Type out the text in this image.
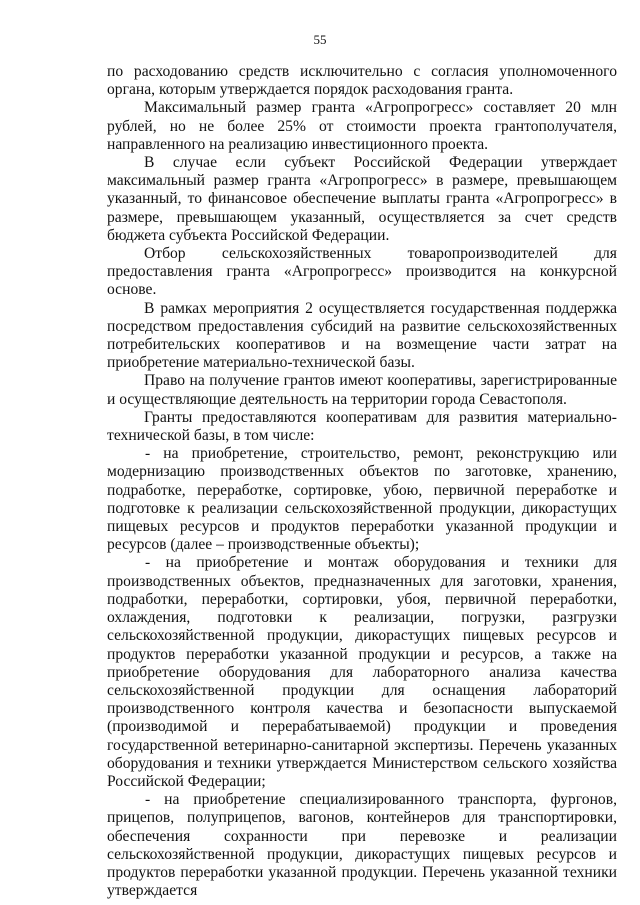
55

по расходованию средств исключительно с согласия уполномоченного органа, которым утверждается порядок расходования гранта.

Максимальный размер гранта «Агропрогресс» составляет 20 млн рублей, но не более 25% от стоимости проекта грантополучателя, направленного на реализацию инвестиционного проекта.

В случае если субъект Российской Федерации утверждает максимальный размер гранта «Агропрогресс» в размере, превышающем указанный, то финансовое обеспечение выплаты гранта «Агропрогресс» в размере, превышающем указанный, осуществляется за счет средств бюджета субъекта Российской Федерации.

Отбор сельскохозяйственных товаропроизводителей для предоставления гранта «Агропрогресс» производится на конкурсной основе.

В рамках мероприятия 2 осуществляется государственная поддержка посредством предоставления субсидий на развитие сельскохозяйственных потребительских кооперативов и на возмещение части затрат на приобретение материально-технической базы.

Право на получение грантов имеют кооперативы, зарегистрированные и осуществляющие деятельность на территории города Севастополя.

Гранты предоставляются кооперативам для развития материально-технической базы, в том числе:

- на приобретение, строительство, ремонт, реконструкцию или модернизацию производственных объектов по заготовке, хранению, подработке, переработке, сортировке, убою, первичной переработке и подготовке к реализации сельскохозяйственной продукции, дикорастущих пищевых ресурсов и продуктов переработки указанной продукции и ресурсов (далее – производственные объекты);

- на приобретение и монтаж оборудования и техники для производственных объектов, предназначенных для заготовки, хранения, подработки, переработки, сортировки, убоя, первичной переработки, охлаждения, подготовки к реализации, погрузки, разгрузки сельскохозяйственной продукции, дикорастущих пищевых ресурсов и продуктов переработки указанной продукции и ресурсов, а также на приобретение оборудования для лабораторного анализа качества сельскохозяйственной продукции для оснащения лабораторий производственного контроля качества и безопасности выпускаемой (производимой и перерабатываемой) продукции и проведения государственной ветеринарно-санитарной экспертизы. Перечень указанных оборудования и техники утверждается Министерством сельского хозяйства Российской Федерации;

- на приобретение специализированного транспорта, фургонов, прицепов, полуприцепов, вагонов, контейнеров для транспортировки, обеспечения сохранности при перевозке и реализации сельскохозяйственной продукции, дикорастущих пищевых ресурсов и продуктов переработки указанной продукции. Перечень указанной техники утверждается
